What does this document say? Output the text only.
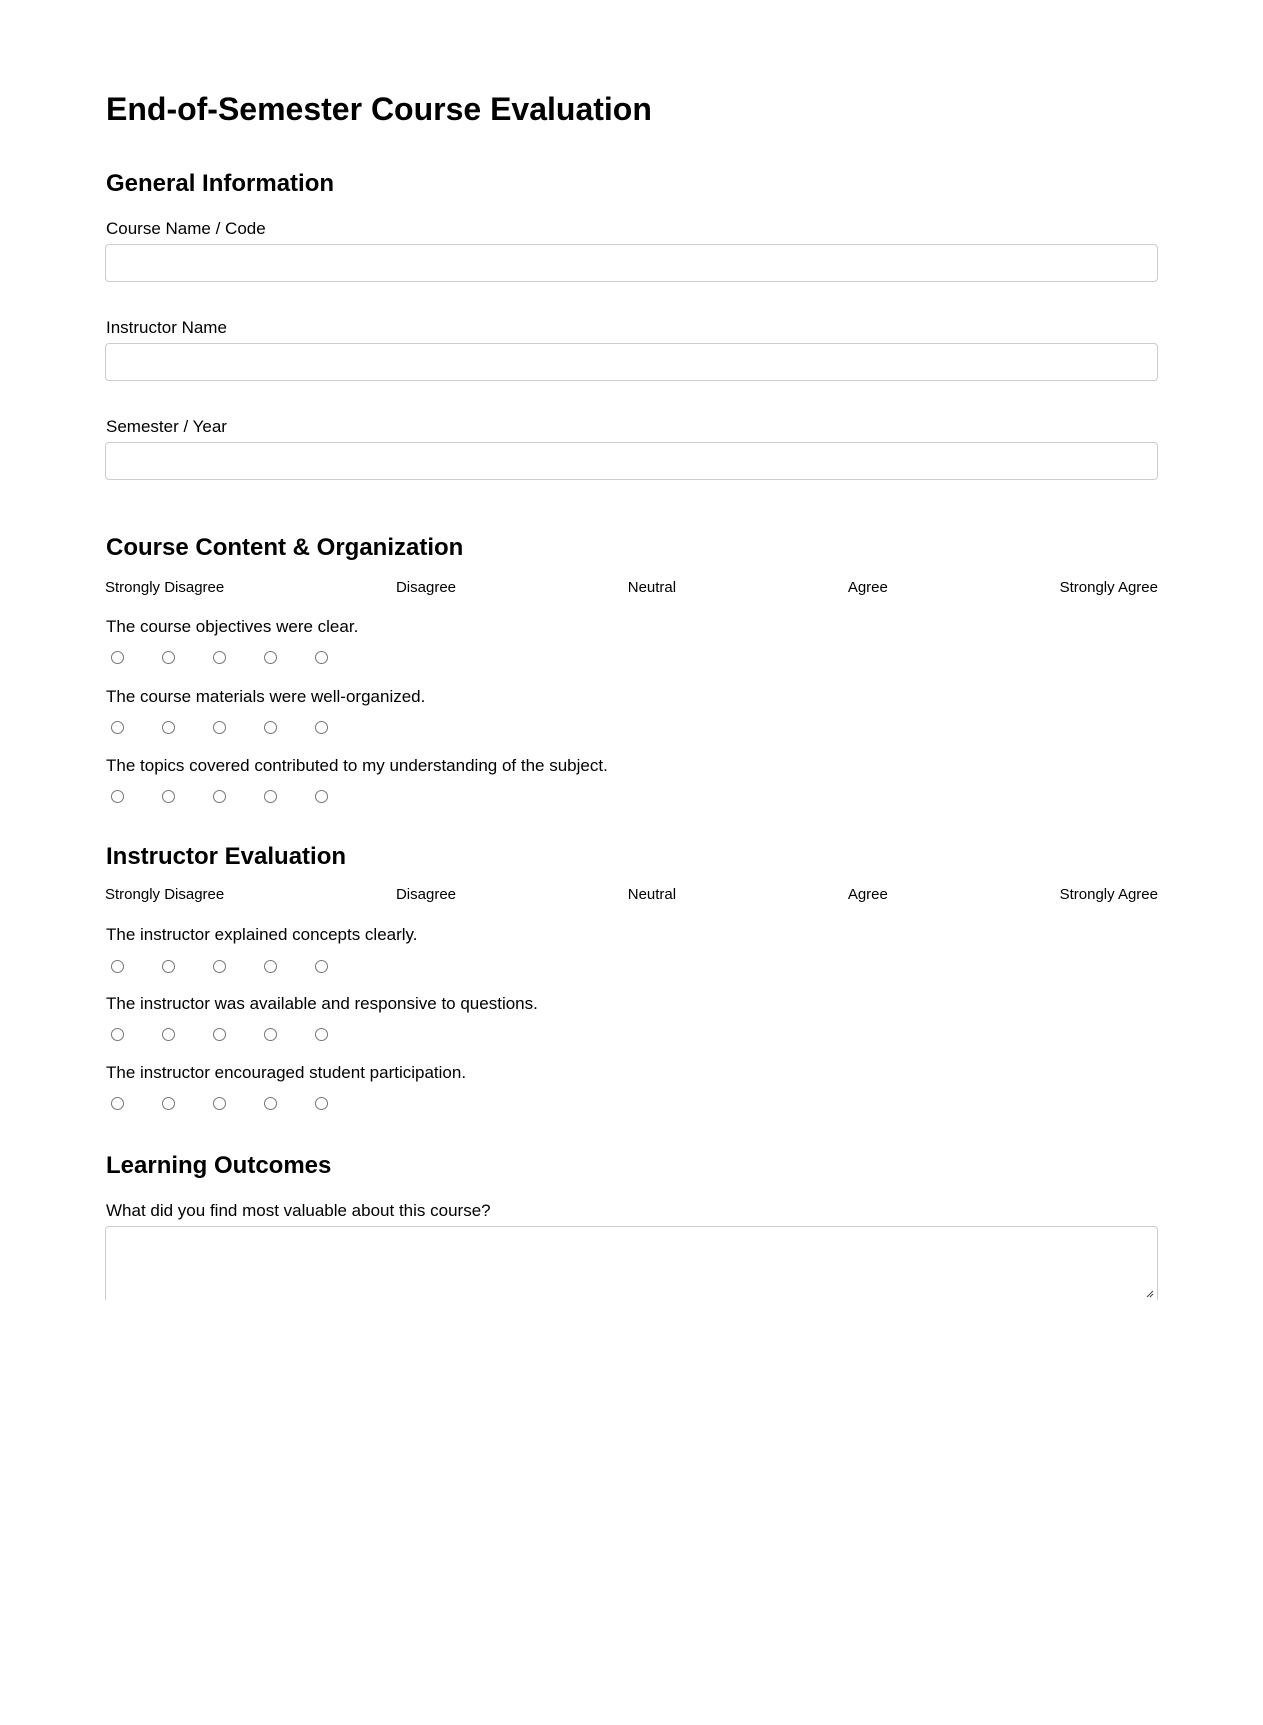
End-of-Semester Course Evaluation
General Information
Course Name / Code
Instructor Name
Semester / Year
Course Content & Organization
Strongly Disagree	Disagree	Neutral	Agree	Strongly Agree
The course objectives were clear.
The course materials were well-organized.
The topics covered contributed to my understanding of the subject.
Instructor Evaluation
Strongly Disagree	Disagree	Neutral	Agree	Strongly Agree
The instructor explained concepts clearly.
The instructor was available and responsive to questions.
The instructor encouraged student participation.
Learning Outcomes
What did you find most valuable about this course?
